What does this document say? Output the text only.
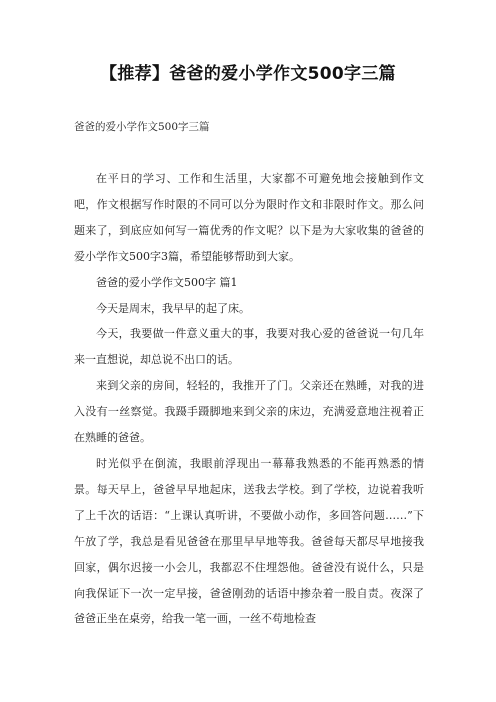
【推荐】爸爸的爱小学作文500字三篇
爸爸的爱小学作文500字三篇

在平日的学习、工作和生活里，大家都不可避免地会接触到作文吧，作文根据写作时限的不同可以分为限时作文和非限时作文。那么问题来了，到底应如何写一篇优秀的作文呢？以下是为大家收集的爸爸的爱小学作文500字3篇，希望能够帮助到大家。

爸爸的爱小学作文500字 篇1

今天是周末，我早早的起了床。

今天，我要做一件意义重大的事，我要对我心爱的爸爸说一句几年来一直想说，却总说不出口的话。

来到父亲的房间，轻轻的，我推开了门。父亲还在熟睡，对我的进入没有一丝察觉。我蹑手蹑脚地来到父亲的床边，充满爱意地注视着正在熟睡的爸爸。

时光似乎在倒流，我眼前浮现出一幕幕我熟悉的不能再熟悉的情景。每天早上，爸爸早早地起床，送我去学校。到了学校，边说着我听了上千次的话语：“上课认真听讲，不要做小动作，多回答问题……”下午放了学，我总是看见爸爸在那里早早地等我。爸爸每天都尽早地接我回家，偶尔迟接一小会儿，我都忍不住埋怨他。爸爸没有说什么，只是向我保证下一次一定早接，爸爸刚劲的话语中掺杂着一股自责。夜深了爸爸正坐在桌旁，给我一笔一画，一丝不苟地检查
